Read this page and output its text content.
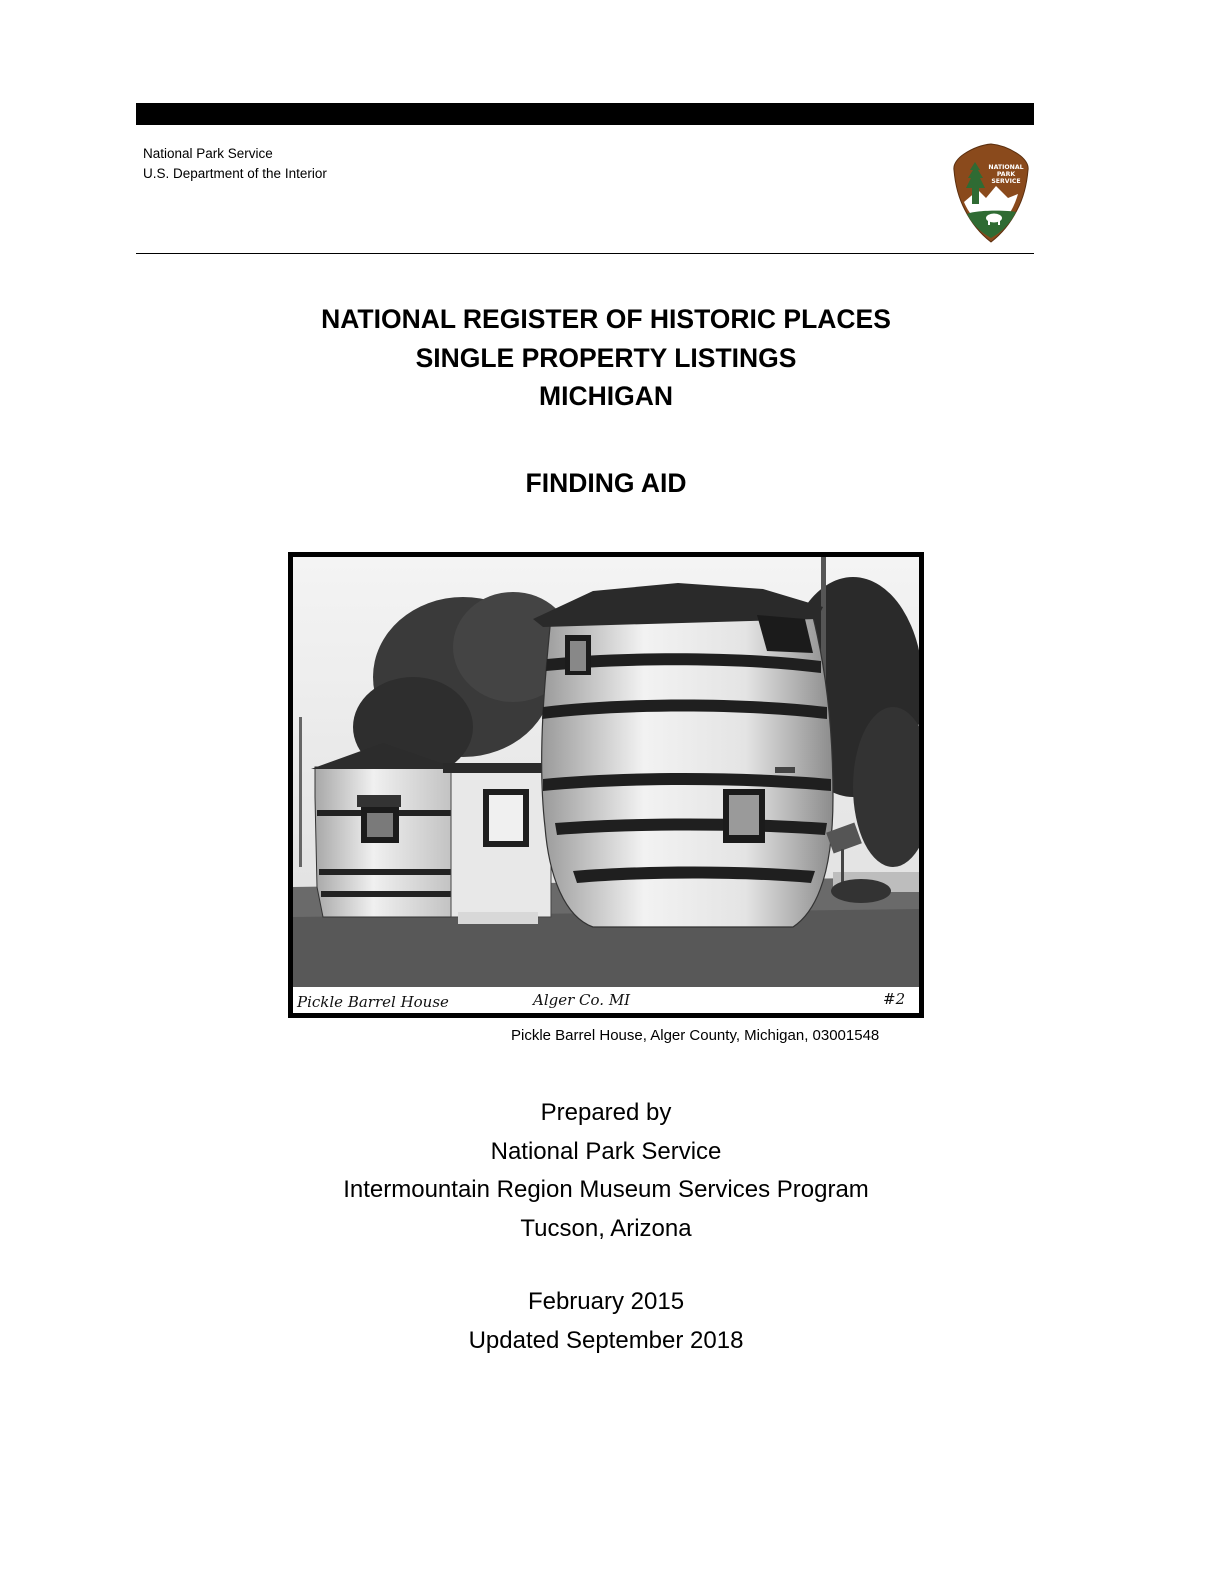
National Park Service
U.S. Department of the Interior	NATIONAL
PARK
SERVICE
NATIONAL REGISTER OF HISTORIC PLACES
SINGLE PROPERTY LISTINGS
MICHIGAN
FINDING AID
Pickle Barrel House	Alger Co. MI	#2
Pickle Barrel House, Alger County, Michigan, 03001548
Prepared by
National Park Service
Intermountain Region Museum Services Program
Tucson, Arizona
February 2015
Updated September 2018
